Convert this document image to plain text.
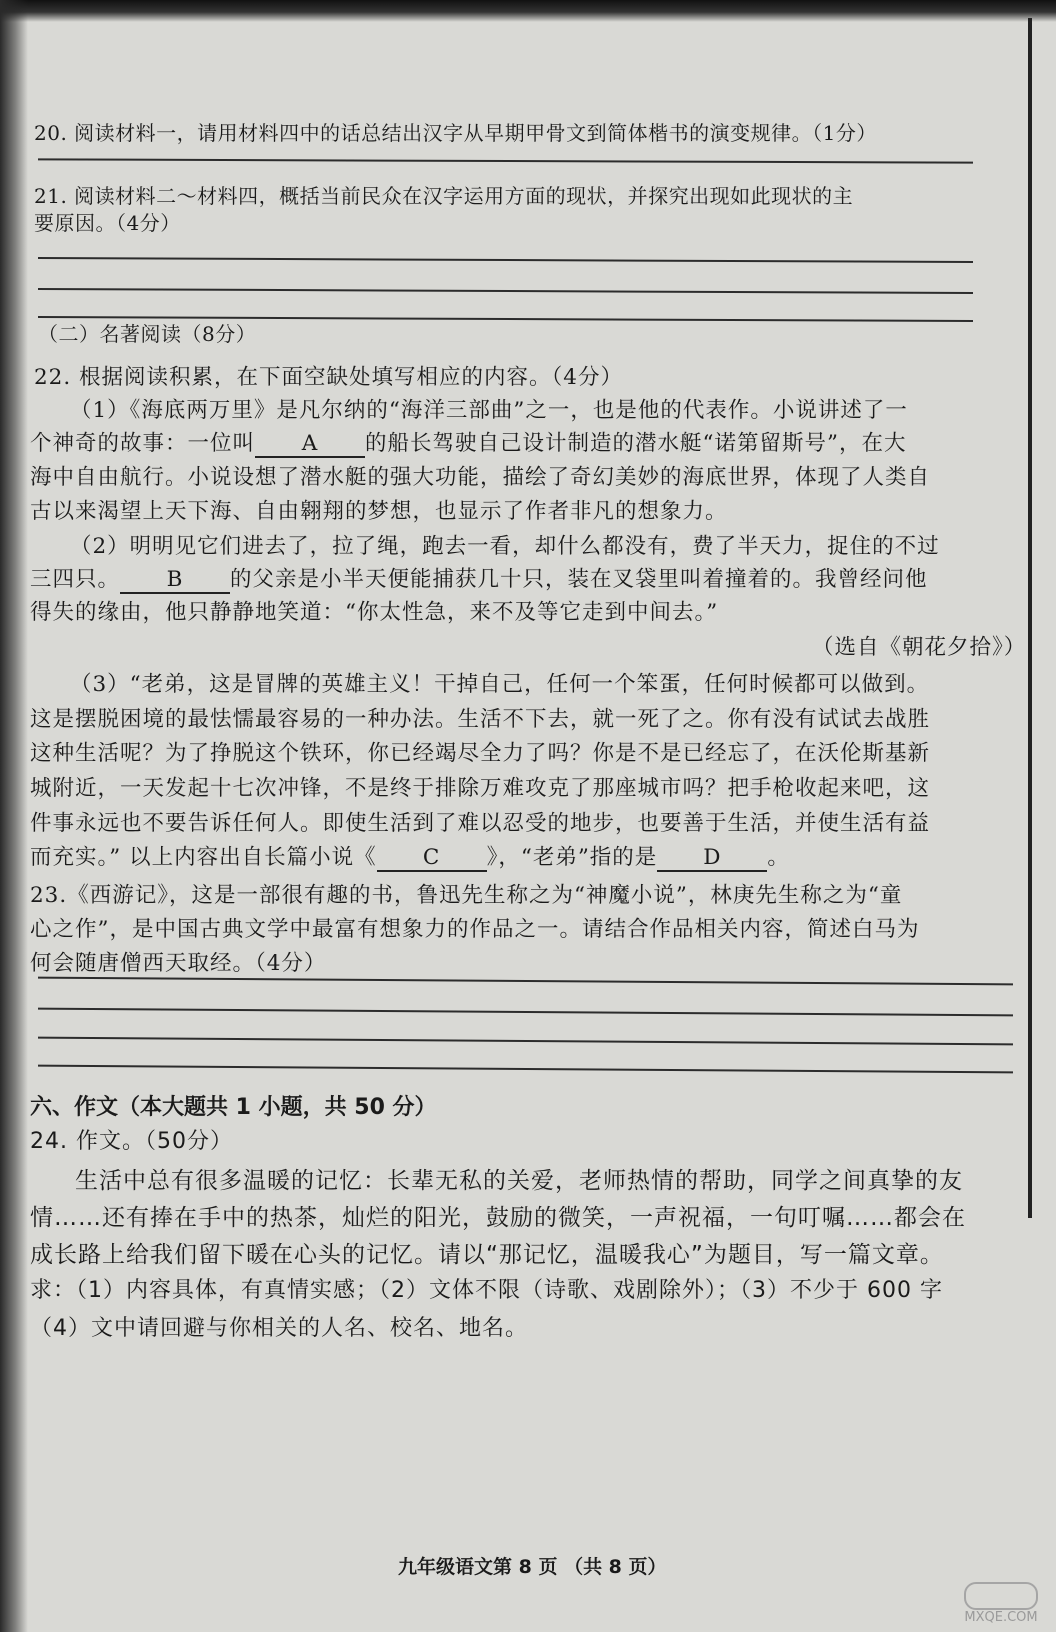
20. 阅读材料一，请用材料四中的话总结出汉字从早期甲骨文到简体楷书的演变规律。（1分）
21. 阅读材料二～材料四，概括当前民众在汉字运用方面的现状，并探究出现如此现状的主
要原因。（4分）
（二）名著阅读（8分）
22. 根据阅读积累，在下面空缺处填写相应的内容。（4分）
（1）《海底两万里》是凡尔纳的“海洋三部曲”之一，也是他的代表作。小说讲述了一
个神奇的故事：一位叫 A 的船长驾驶自己设计制造的潜水艇“诺第留斯号”，在大
海中自由航行。小说设想了潜水艇的强大功能，描绘了奇幻美妙的海底世界，体现了人类自
古以来渴望上天下海、自由翱翔的梦想，也显示了作者非凡的想象力。
（2）明明见它们进去了，拉了绳，跑去一看，却什么都没有，费了半天力，捉住的不过
三四只。 B 的父亲是小半天便能捕获几十只，装在叉袋里叫着撞着的。我曾经问他
得失的缘由，他只静静地笑道：“你太性急，来不及等它走到中间去。”
（选自《朝花夕拾》）
（3）“老弟，这是冒牌的英雄主义！干掉自己，任何一个笨蛋，任何时候都可以做到。
这是摆脱困境的最怯懦最容易的一种办法。生活不下去，就一死了之。你有没有试试去战胜
这种生活呢？为了挣脱这个铁环，你已经竭尽全力了吗？你是不是已经忘了，在沃伦斯基新
城附近，一天发起十七次冲锋，不是终于排除万难攻克了那座城市吗？把手枪收起来吧，这
件事永远也不要告诉任何人。即使生活到了难以忍受的地步，也要善于生活，并使生活有益
而充实。” 以上内容出自长篇小说《 C 》，“老弟”指的是 D 。
23.《西游记》，这是一部很有趣的书，鲁迅先生称之为“神魔小说”，林庚先生称之为“童
心之作”，是中国古典文学中最富有想象力的作品之一。请结合作品相关内容，简述白马为
何会随唐僧西天取经。（4分）
六、作文（本大题共 1 小题，共 50 分）
24. 作文。（50分）
生活中总有很多温暖的记忆：长辈无私的关爱，老师热情的帮助，同学之间真挚的友
情……还有捧在手中的热茶，灿烂的阳光，鼓励的微笑，一声祝福，一句叮嘱……都会在
成长路上给我们留下暖在心头的记忆。请以“那记忆，温暖我心”为题目，写一篇文章。
求：（1）内容具体，有真情实感；（2）文体不限（诗歌、戏剧除外）；（3）不少于 600 字
（4）文中请回避与你相关的人名、校名、地名。
九年级语文第 8 页 （共 8 页）
MXQE.COM
